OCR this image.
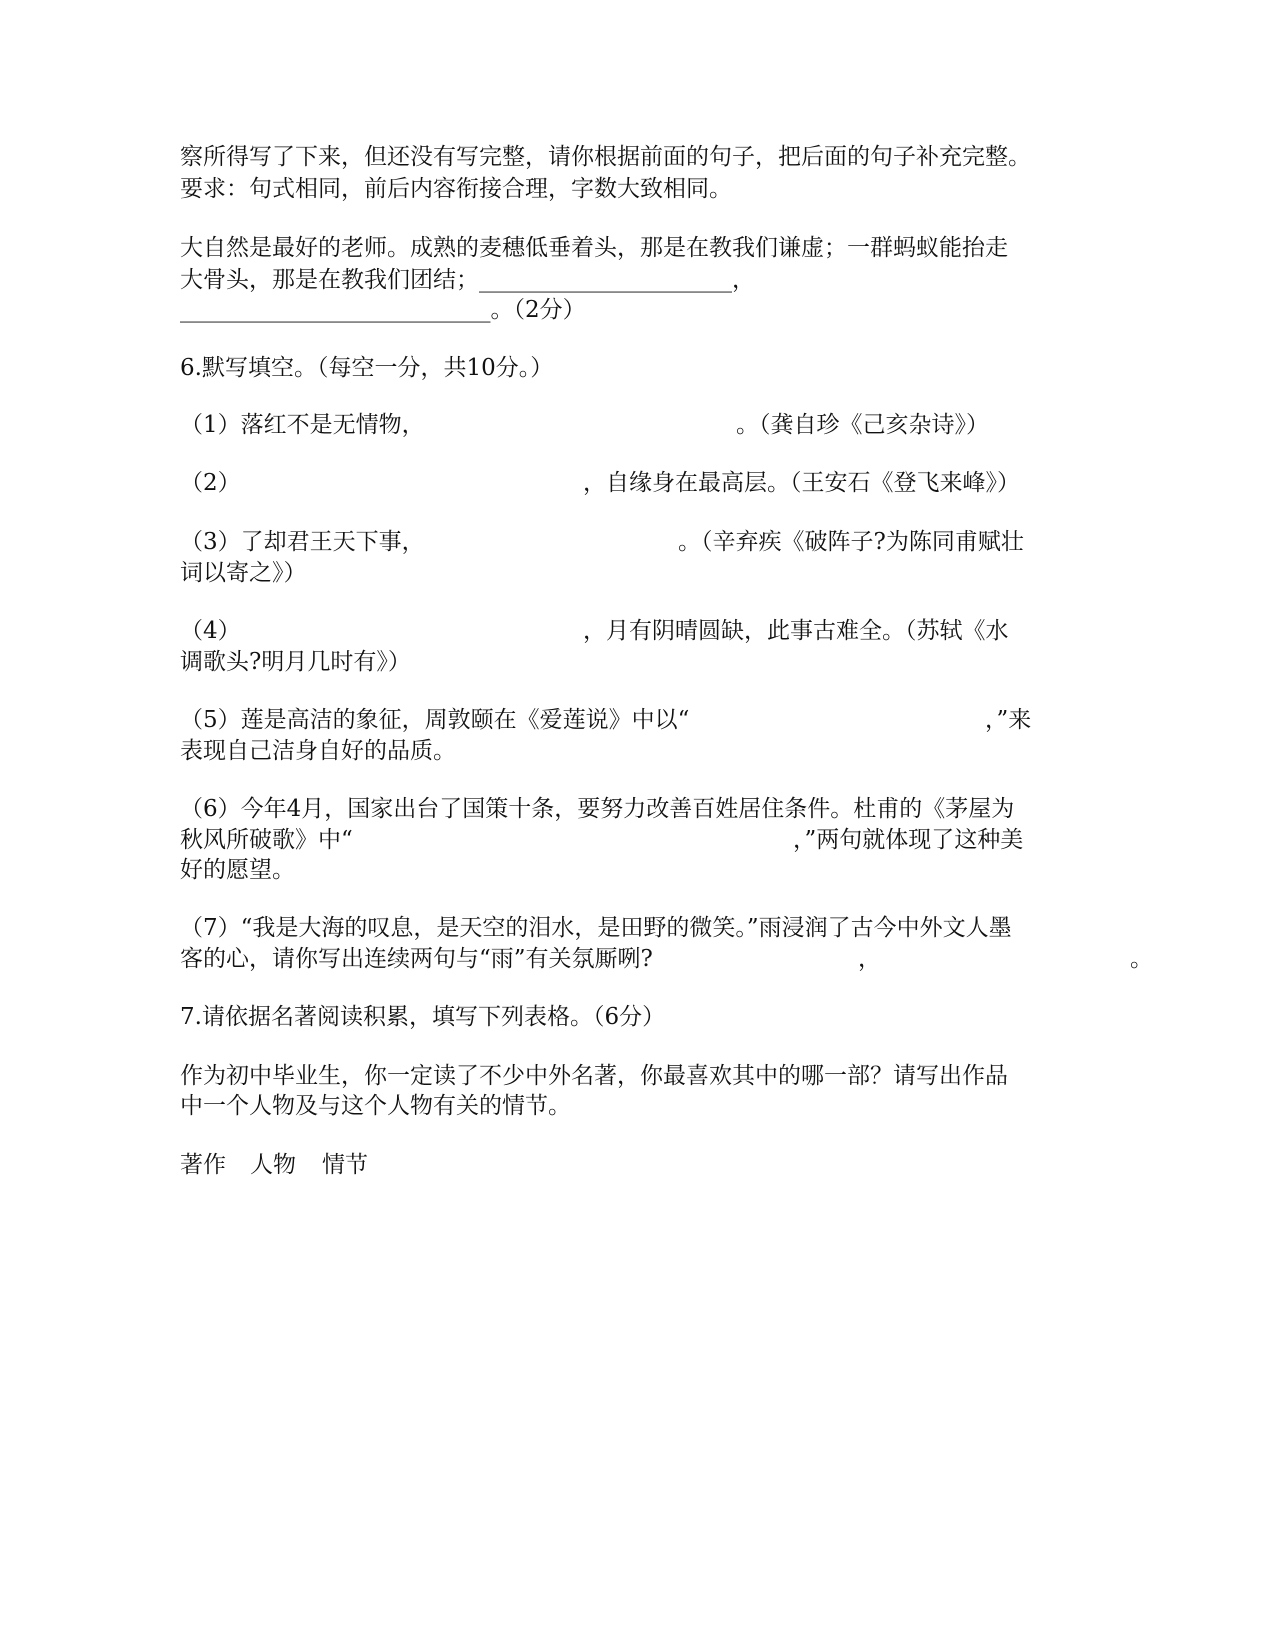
察所得写了下来，但还没有写完整，请你根据前面的句子，把后面的句子补充完整。
要求：句式相同，前后内容衔接合理，字数大致相同。
大自然是最好的老师。成熟的麦穗低垂着头，那是在教我们谦虚；一群蚂蚁能抬走
大骨头，那是在教我们团结；______________________，
___________________________。（2分）
6.默写填空。（每空一分，共10分。）
（1）落红不是无情物，	。（龚自珍《己亥杂诗》）
（2）	，自缘身在最高层。（王安石《登飞来峰》）
（3）了却君王天下事，	。（辛弃疾《破阵子?为陈同甫赋壮
词以寄之》）
（4）	，月有阴晴圆缺，此事古难全。（苏轼《水
调歌头?明月几时有》）
（5）莲是高洁的象征，周敦颐在《爱莲说》中以“	，”来
表现自己洁身自好的品质。
（6）今年4月，国家出台了国策十条，要努力改善百姓居住条件。杜甫的《茅屋为
秋风所破歌》中“	，”两句就体现了这种美
好的愿望。
（7）“我是大海的叹息，是天空的泪水，是田野的微笑。”雨浸润了古今中外文人墨
客的心，请你写出连续两句与“雨”有关氛厮咧?	，	。
7.请依据名著阅读积累，填写下列表格。（6分）
作为初中毕业生，你一定读了不少中外名著，你最喜欢其中的哪一部？请写出作品
中一个人物及与这个人物有关的情节。
著作 人物 情节
